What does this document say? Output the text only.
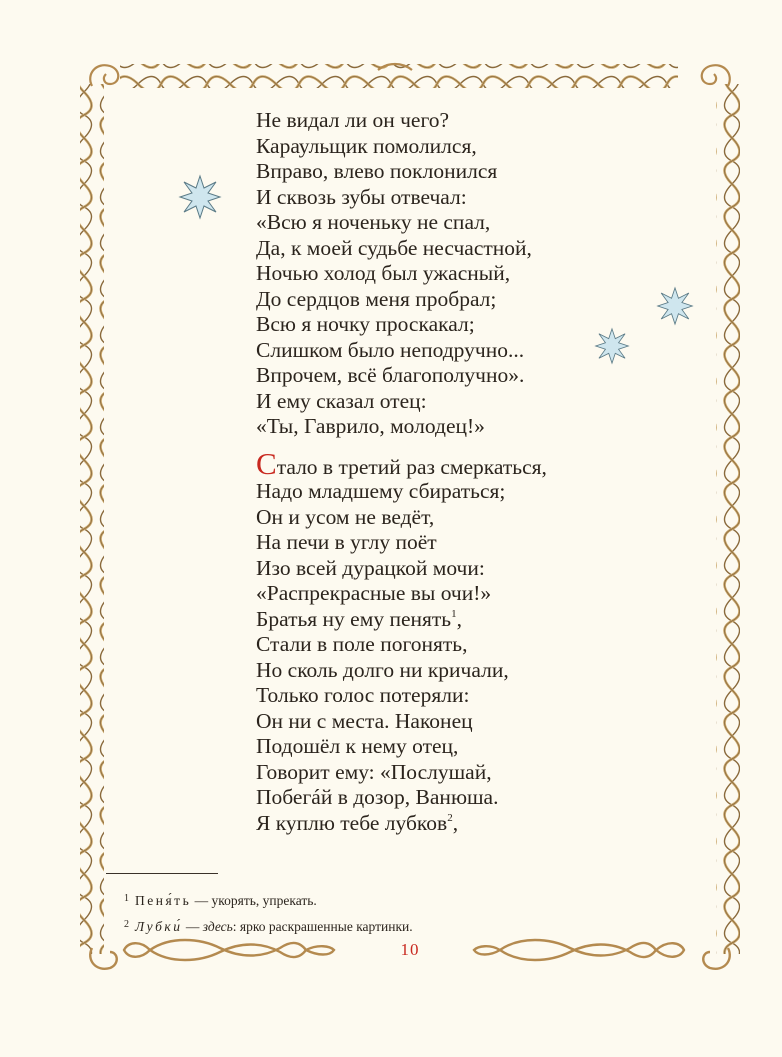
Не видал ли он чего?
Караульщик помолился,
Вправо, влево поклонился
И сквозь зубы отвечал:
«Всю я ноченьку не спал,
Да, к моей судьбе несчастной,
Ночью холод был ужасный,
До сердцов меня пробрал;
Всю я ночку проскакал;
Слишком было неподручно...
Впрочем, всё благополучно».
И ему сказал отец:
«Ты, Гаврило, молодец!»
Стало в третий раз смеркаться,
Надо младшему сбираться;
Он и усом не ведёт,
На печи в углу поёт
Изо всей дурацкой мочи:
«Распрекрасные вы очи!»
Братья ну ему пенять$^1$,
Стали в поле погонять,
Но сколь долго ни кричали,
Только голос потеряли:
Он ни с места. Наконец
Подошёл к нему отец,
Говорит ему: «Послушай,
Побегáй в дозор, Ванюша.
Я куплю тебе лубков$^2$,
$^1$ Пеня́ть — укорять, упрекать.
$^2$ Лубки́ — здесь: ярко раскрашенные картинки.
10
